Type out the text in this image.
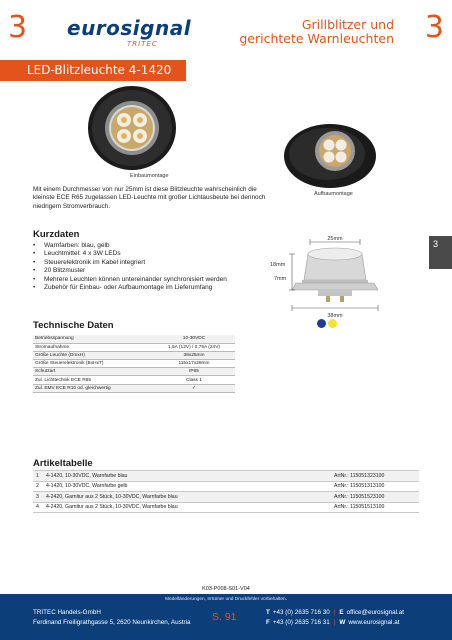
3 eurosignal
TRITEC
Grillblitzer und
gerichtete Warnleuchten 3
LED-Blitzleuchte 4-1420
Einbaumontage
Aufbaumontage

Mit einem Durchmesser von nur 25mm ist diese Blitzleuchte wahrscheinlich die kleinste ECE R65 zugelassen LED-Leuchte mit großer Lichtausbeute bei dennoch niedrigem Stromverbrauch.

Kurzdaten
• Warnfarben: blau, gelb
• Leuchtmittel: 4 x 3W LEDs
• Steuerelektronik im Kabel integriert
• 20 Blitzmuster
• Mehrere Leuchten können untereinander synchronisiert werden
• Zubehör für Einbau- oder Aufbaumontage im Lieferumfang
25mm
18mm
7mm
38mm
3
Technische Daten
Betriebsspannung	10-30VDC
Stromaufnahme	1,5A (12V) / 0,75A (24V)
Größe Leuchte (DmxH)	38x25mm
Größe Steuerelektronik (BxHxT)	115x17x28mm
Schutzart	IP65
Zul. Lichttechnik ECE R65	Class 1
Zul. EMV ECE R10 od. gleichwertig	✓
Artikeltabelle
1	4-1420, 10-30VDC, Warnfarbe blau	ArtNr.: 115051323100
2	4-1420, 10-30VDC, Warnfarbe gelb	ArtNr.: 115051313100
3	4-2420, Garnitur aus 2 Stück, 10-30VDC, Warnfarbe blau	ArtNr.: 115051523100
4	4-2420, Garnitur aus 2 Stück, 10-30VDC, Warnfarbe blau	ArtNr.: 115051513100
K03-P008-S01-V04
Modelländerungen, Irrtümer und Druckfehler vorbehalten.
TRITEC Handels-GmbH
Ferdinand Freiligrathgasse 5, 2620 Neunkirchen, Austria S. 91	T +43 (0) 2635 716 30 | E office@eurosignal.at
F +43 (0) 2635 716 31 | W www.eurosignal.at
